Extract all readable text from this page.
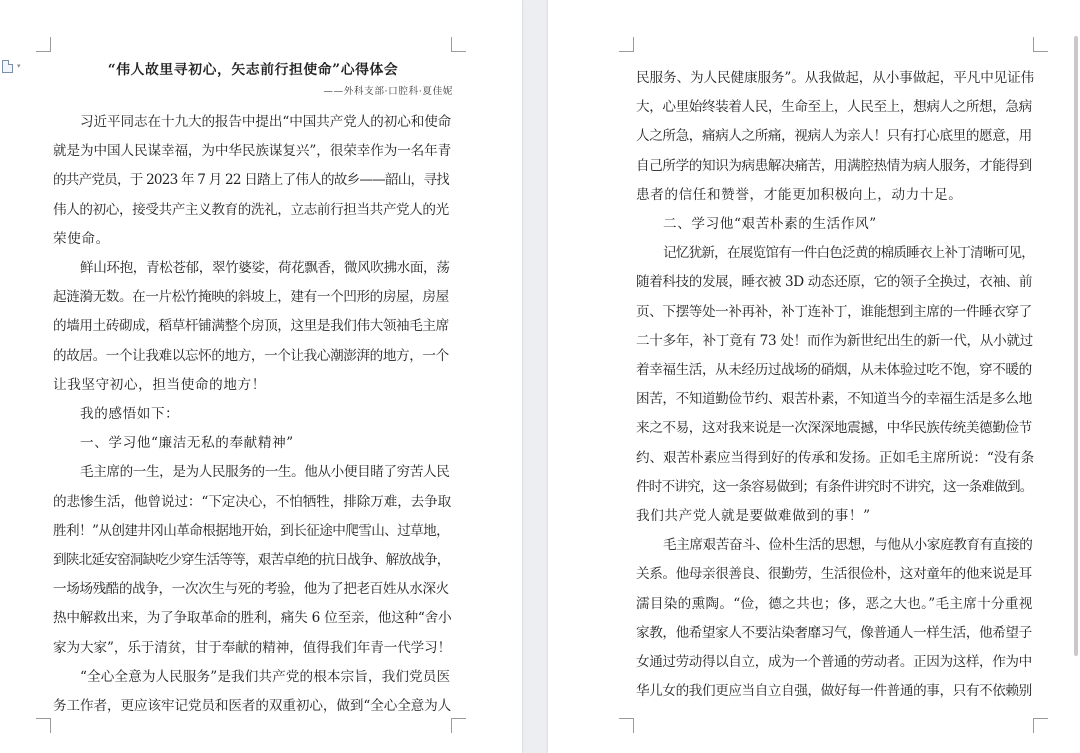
▾	“伟人故里寻初心，矢志前行担使命”心得体会
——外科支部·口腔科·夏佳妮
习近平同志在十九大的报告中提出“中国共产党人的初心和使命
就是为中国人民谋幸福，为中华民族谋复兴”，很荣幸作为一名年青
的共产党员，于 2023 年 7 月 22 日踏上了伟人的故乡——韶山，寻找
伟人的初心，接受共产主义教育的洗礼，立志前行担当共产党人的光
荣使命。
鲜山环抱，青松苍郁，翠竹婆娑，荷花飘香，微风吹拂水面，荡
起涟漪无数。在一片松竹掩映的斜坡上，建有一个凹形的房屋，房屋
的墙用土砖砌成，稻草杆铺满整个房顶，这里是我们伟大领袖毛主席
的故居。一个让我难以忘怀的地方，一个让我心潮澎湃的地方，一个
让我坚守初心，担当使命的地方！
我的感悟如下：
一、学习他“廉洁无私的奉献精神”
毛主席的一生，是为人民服务的一生。他从小便目睹了穷苦人民
的悲惨生活，他曾说过：“下定决心，不怕牺牲，排除万难，去争取
胜利！”从创建井冈山革命根据地开始，到长征途中爬雪山、过草地，
到陕北延安窑洞缺吃少穿生活等等，艰苦卓绝的抗日战争、解放战争，
一场场残酷的战争，一次次生与死的考验，他为了把老百姓从水深火
热中解救出来，为了争取革命的胜利，痛失 6 位至亲，他这种“舍小
家为大家”，乐于清贫，甘于奉献的精神，值得我们年青一代学习！
“全心全意为人民服务”是我们共产党的根本宗旨，我们党员医
务工作者，更应该牢记党员和医者的双重初心，做到“全心全意为人
民服务、为人民健康服务”。从我做起，从小事做起，平凡中见证伟
大，心里始终装着人民，生命至上，人民至上，想病人之所想，急病
人之所急，痛病人之所痛，视病人为亲人！只有打心底里的愿意，用
自己所学的知识为病患解决痛苦，用满腔热情为病人服务，才能得到
患者的信任和赞誉，才能更加积极向上，动力十足。
二、学习他“艰苦朴素的生活作风”
记忆犹新，在展览馆有一件白色泛黄的棉质睡衣上补丁清晰可见，
随着科技的发展，睡衣被 3D 动态还原，它的领子全换过，衣袖、前
页、下摆等处一补再补，补丁连补丁，谁能想到主席的一件睡衣穿了
二十多年，补丁竟有 73 处！而作为新世纪出生的新一代，从小就过
着幸福生活，从未经历过战场的硝烟，从未体验过吃不饱，穿不暖的
困苦，不知道勤俭节约、艰苦朴素，不知道当今的幸福生活是多么地
来之不易，这对我来说是一次深深地震撼，中华民族传统美德勤俭节
约、艰苦朴素应当得到好的传承和发扬。正如毛主席所说：“没有条
件时不讲究，这一条容易做到；有条件讲究时不讲究，这一条难做到。
我们共产党人就是要做难做到的事！”
毛主席艰苦奋斗、俭朴生活的思想，与他从小家庭教育有直接的
关系。他母亲很善良、很勤劳，生活很俭朴，这对童年的他来说是耳
濡目染的熏陶。“俭，德之共也；侈，恶之大也。”毛主席十分重视
家教，他希望家人不要沾染奢靡习气，像普通人一样生活，他希望子
女通过劳动得以自立，成为一个普通的劳动者。正因为这样，作为中
华儿女的我们更应当自立自强，做好每一件普通的事，只有不依赖别
